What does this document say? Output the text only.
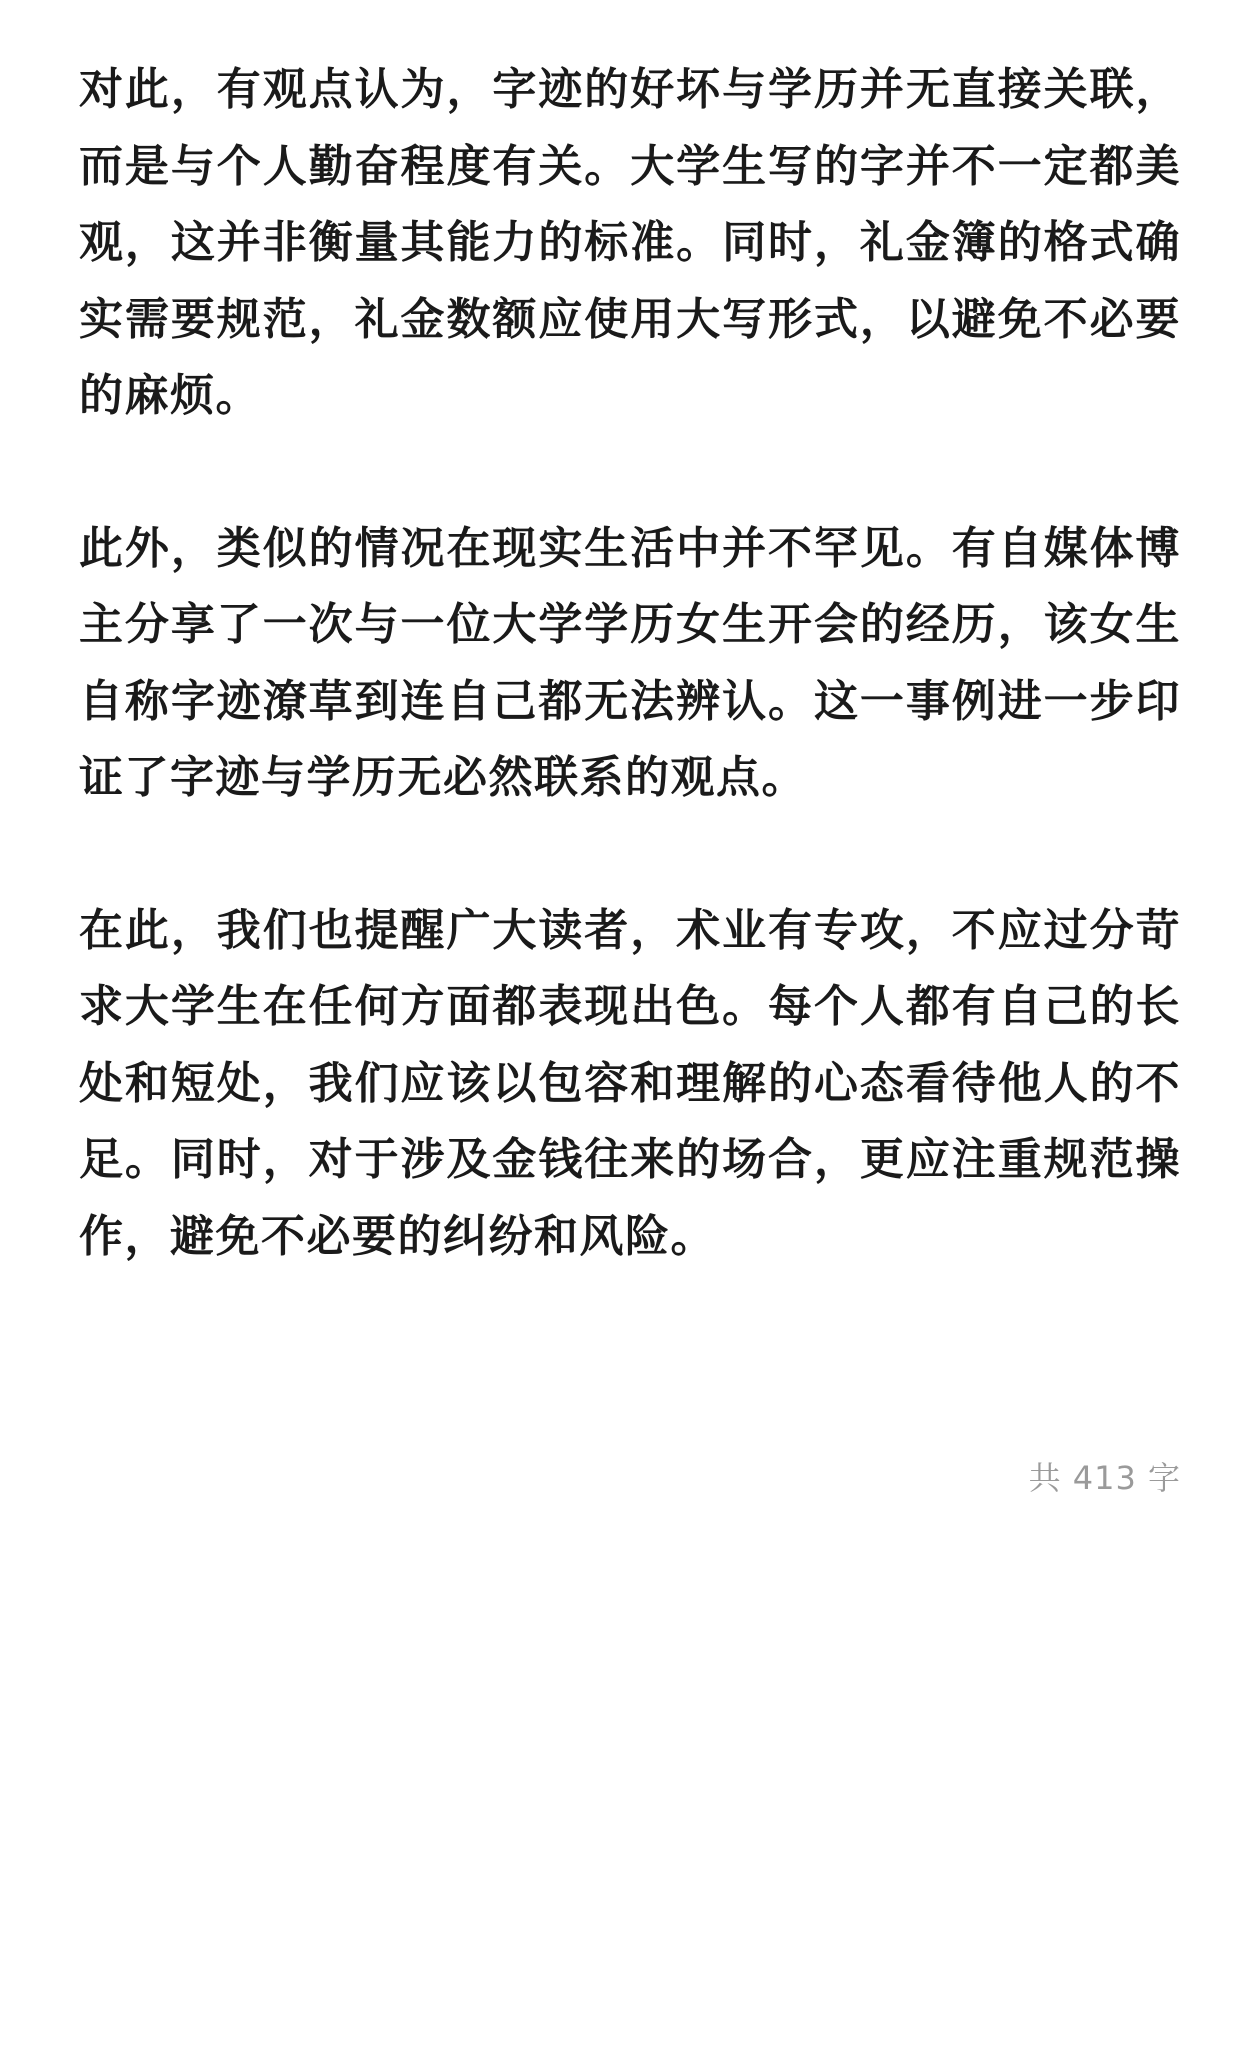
对此，有观点认为，字迹的好坏与学历并无直接关联，而是与个人勤奋程度有关。大学生写的字并不一定都美观，这并非衡量其能力的标准。同时，礼金簿的格式确实需要规范，礼金数额应使用大写形式，以避免不必要的麻烦。

此外，类似的情况在现实生活中并不罕见。有自媒体博主分享了一次与一位大学学历女生开会的经历，该女生自称字迹潦草到连自己都无法辨认。这一事例进一步印证了字迹与学历无必然联系的观点。

在此，我们也提醒广大读者，术业有专攻，不应过分苛求大学生在任何方面都表现出色。每个人都有自己的长处和短处，我们应该以包容和理解的心态看待他人的不足。同时，对于涉及金钱往来的场合，更应注重规范操作，避免不必要的纠纷和风险。

共 413 字
